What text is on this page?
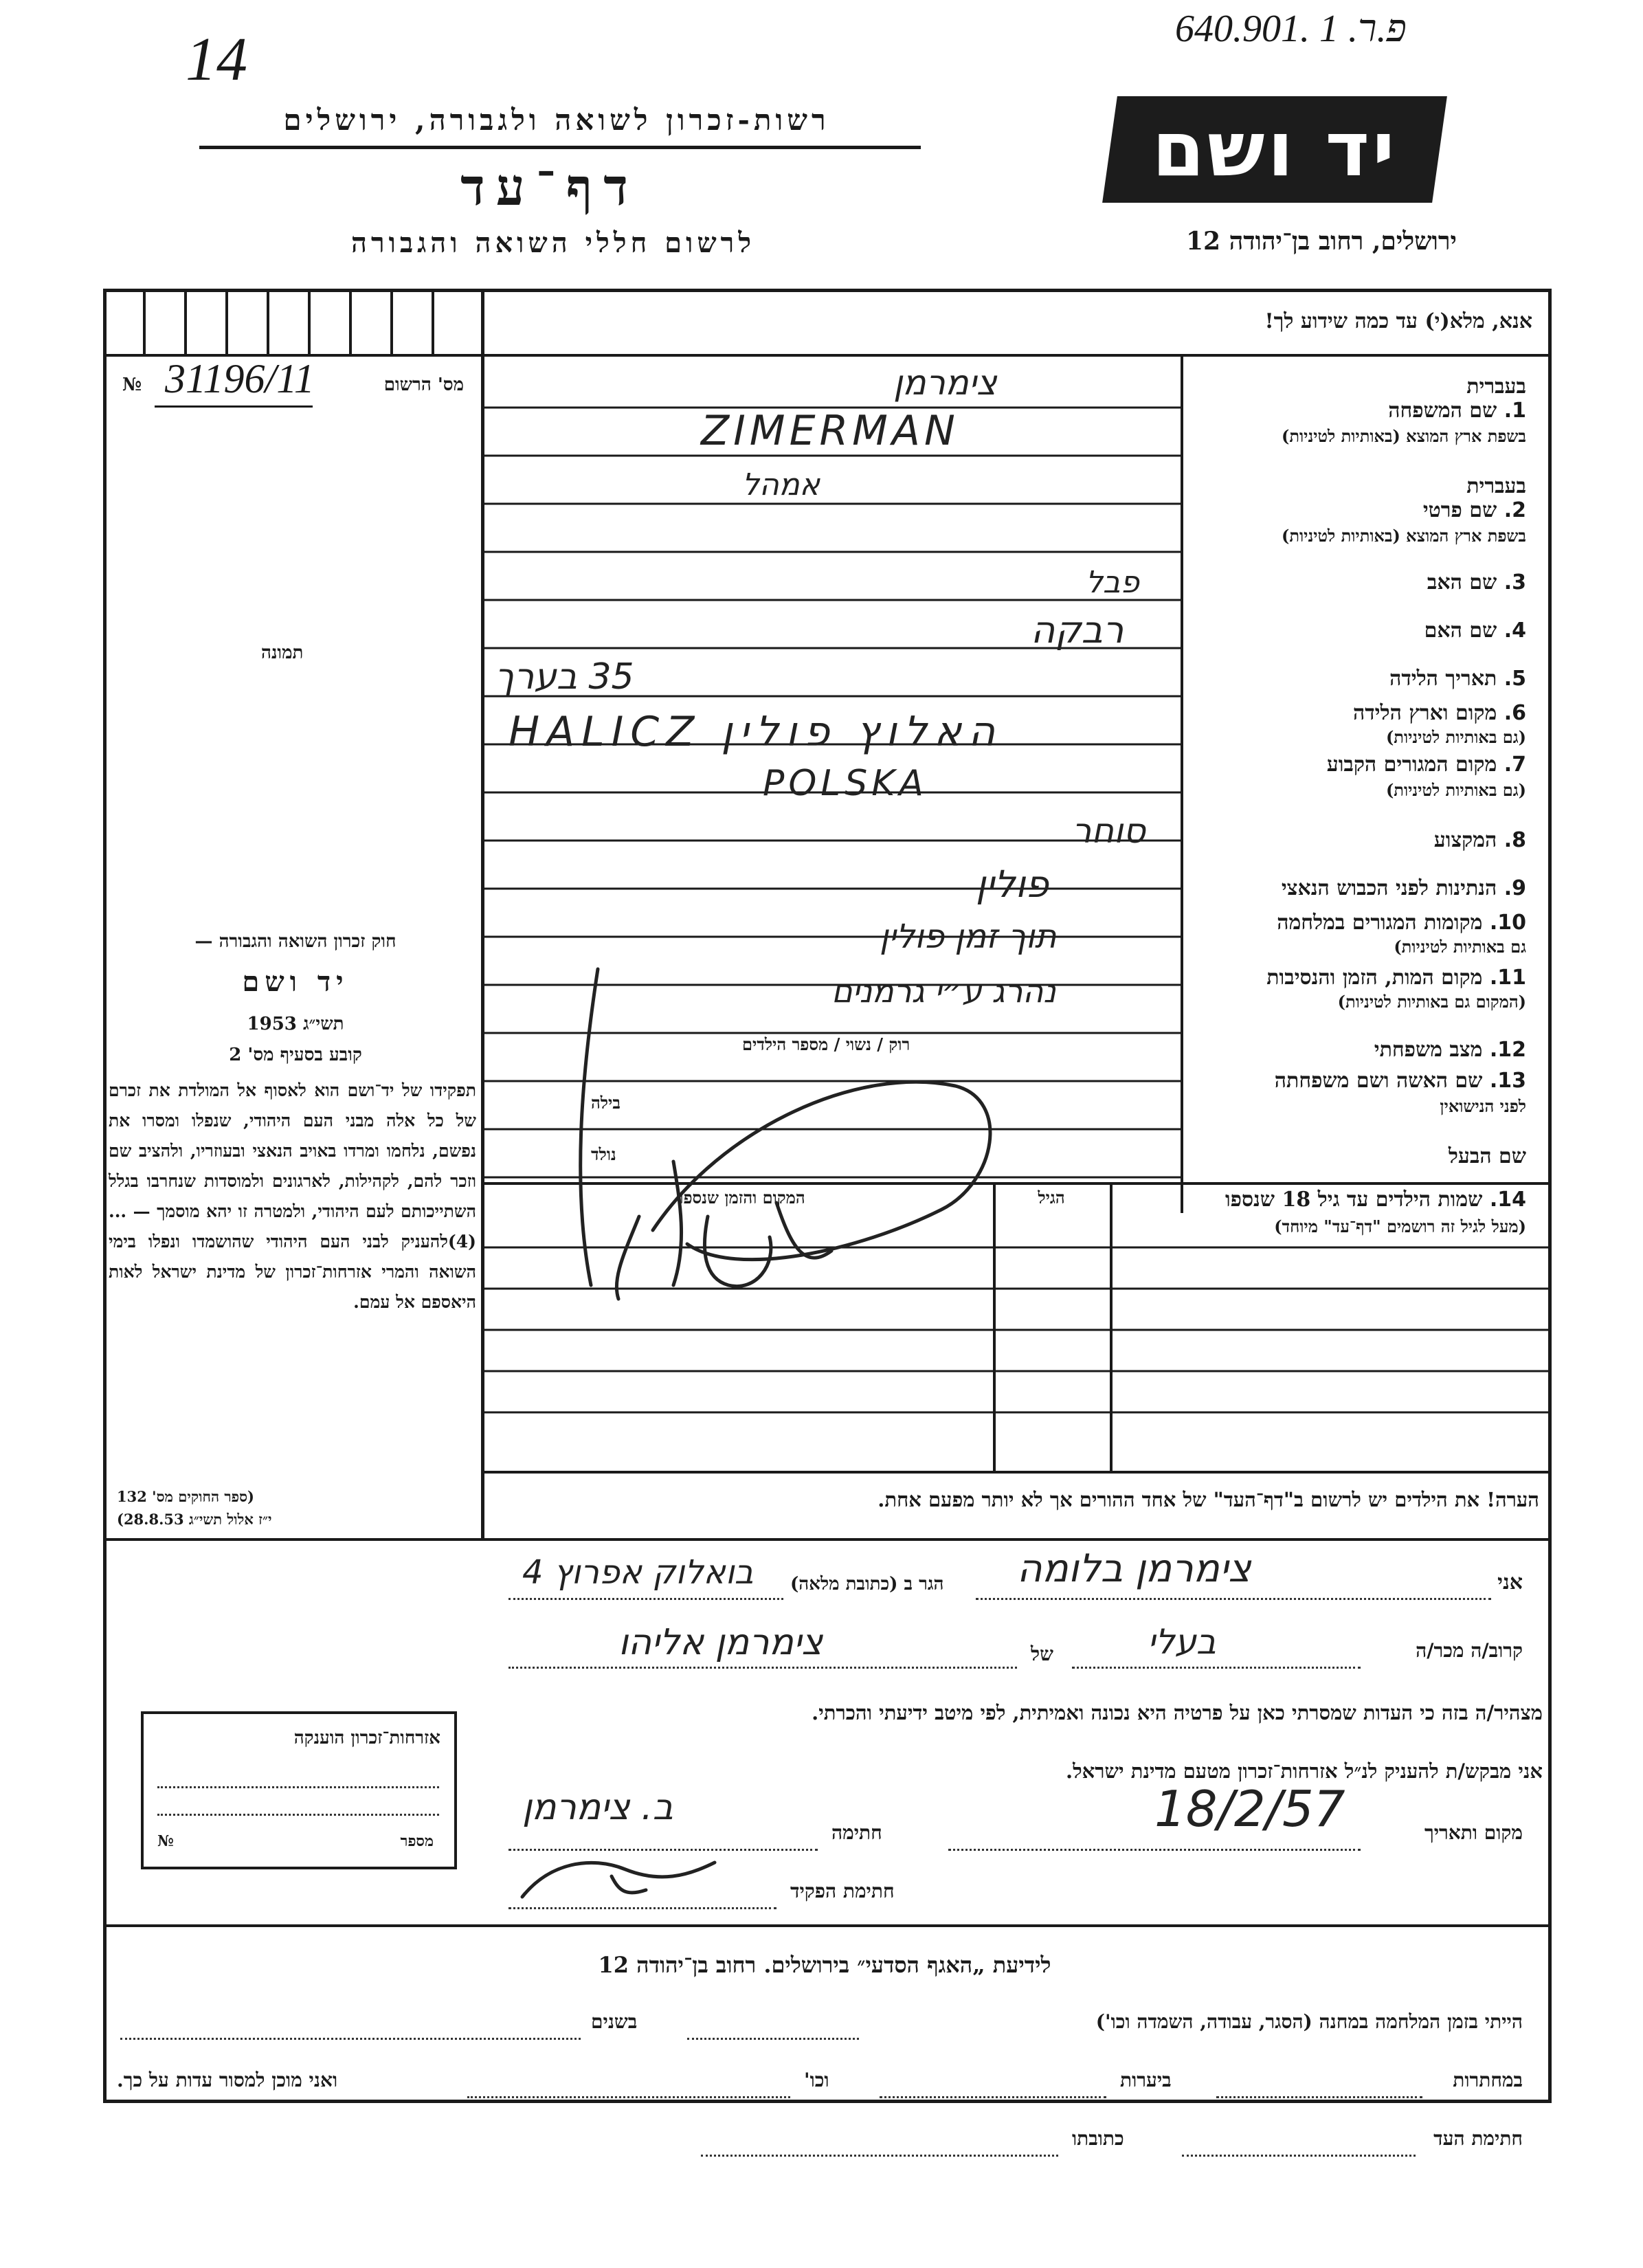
פ.ר. 1 .640.901
14
יד ושם
ירושלים, רחוב בן־יהודה 12
רשות-זכרון לשואה ולגבורה, ירושלים
דף־עד
לרשום חללי השואה והגבורה
מס' הרשום
№ 31196/11
תמונה
אנא, מלא(י) עד כמה שידוע לך!
בעברית
1. שם המשפחה
בשפת ארץ המוצא (באותיות לטיניות)
בעברית
2. שם פרטי
בשפת ארץ המוצא (באותיות לטיניות)
3. שם האב
4. שם האם
5. תאריך הלידה
6. מקום וארץ הלידה
(גם באותיות לטיניות)
7. מקום המגורים הקבוע
(גם באותיות לטיניות)
8. המקצוע
9. הנתינות לפני הכבוש הנאצי
10. מקומות המגורים במלחמה
גם באותיות לטיניות)
11. מקום המות, הזמן והנסיבות
(המקום גם באותיות לטיניות)
12. מצב משפחתי
13. שם האשה ושם משפחתה
לפני הנישואין
שם הבעל
צימרמן
ZIMERMAN
אמהל
פבל
רבקה
35 בערך
HALICZ האלוץ פולין
POLSKA
סוחר
פולין
תוך זמן פולין
נהרג ע״י גרמנים
רוק / נשוי / מספר הילדים
בילה
נולד
14. שמות הילדים עד גיל 18 שנספו
(מעל לגיל זה רושמים "דף־עד" מיוחד)
הגיל
המקום והזמן שנספו
חוק זכרון השואה והגבורה —
יד ושם
תשי״ג 1953
קובע בסעיף מס' 2
תפקידו של יד־ושם הוא לאסוף אל המולדת את זכרם של כל אלה מבני העם היהודי, שנפלו ומסרו את נפשם, נלחמו ומרדו באויב הנאצי ובעוזריו, ולהציב שם וזכר להם, לקהילות, לארגונים ולמוסדות שנחרבו בגלל השתייכותם לעם היהודי, ולמטרה זו יהא מוסמך — ...(4)להעניק לבני העם היהודי שהושמדו ונפלו בימי השואה והמרי אזרחות־זכרון של מדינת ישראל לאות היאספם אל עמם.
(ספר החוקים מס' 132
י״ז אלול תשי״ג 28.8.53)
הערה! את הילדים יש לרשום ב"דף־העד" של אחד ההורים אך לא יותר מפעם אחת.
אני
צימרמן בלומה
הגר ב (כתובת מלאה)
בואלוק אפרוץ 4
קרוב/ה מכר/ה
בעלי
של
צימרמן אליהו
מצהיר/ה בזה כי העדות שמסרתי כאן על פרטיה היא נכונה ואמיתית, לפי מיטב ידיעתי והכרתי.
אני מבקש/ת להעניק לנ״ל אזרחות־זכרון מטעם מדינת ישראל.
מקום ותאריך
18/2/57
חתימה
ב. צימרמן
חתימת הפקיד
אזרחות־זכרון הוענקה
מספר
№
לידיעת „האגף הסדעי״ בירושלים. רחוב בן־יהודה 12
הייתי בזמן המלחמה במחנה (הסגר, עבודה, השמדה וכו')
בשנים
במחתרות
ביערות
וכו'
ואני מוכן למסור עדות על כך.
חתימת העד
כתובתו
